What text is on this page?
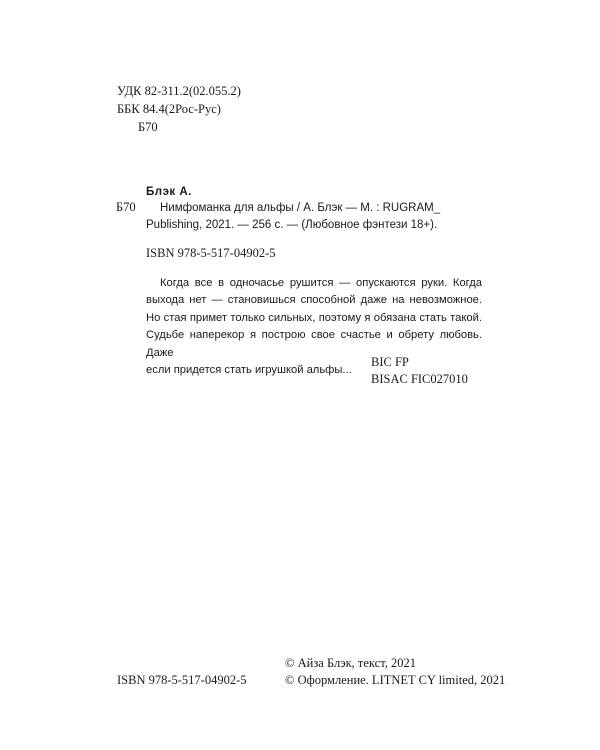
УДК 82-311.2(02.055.2)
ББК 84.4(2Рос-Рус)
Б70
Блэк А.
Б70 Нимфоманка для альфы / А. Блэк — М. : RUGRAM_
Publishing, 2021. — 256 с. — (Любовное фэнтези 18+).
ISBN 978-5-517-04902-5
Когда все в одночасье рушится — опускаются руки. Когда
выхода нет — становишься способной даже на невозможное.
Но стая примет только сильных, поэтому я обязана стать такой.
Судьбе наперекор я построю свое счастье и обрету любовь. Даже
если придется стать игрушкой альфы...
BIC FP
BISAC FIC027010
ISBN 978-5-517-04902-5
© Айза Блэк, текст, 2021
© Оформление. LITNET CY limited, 2021
